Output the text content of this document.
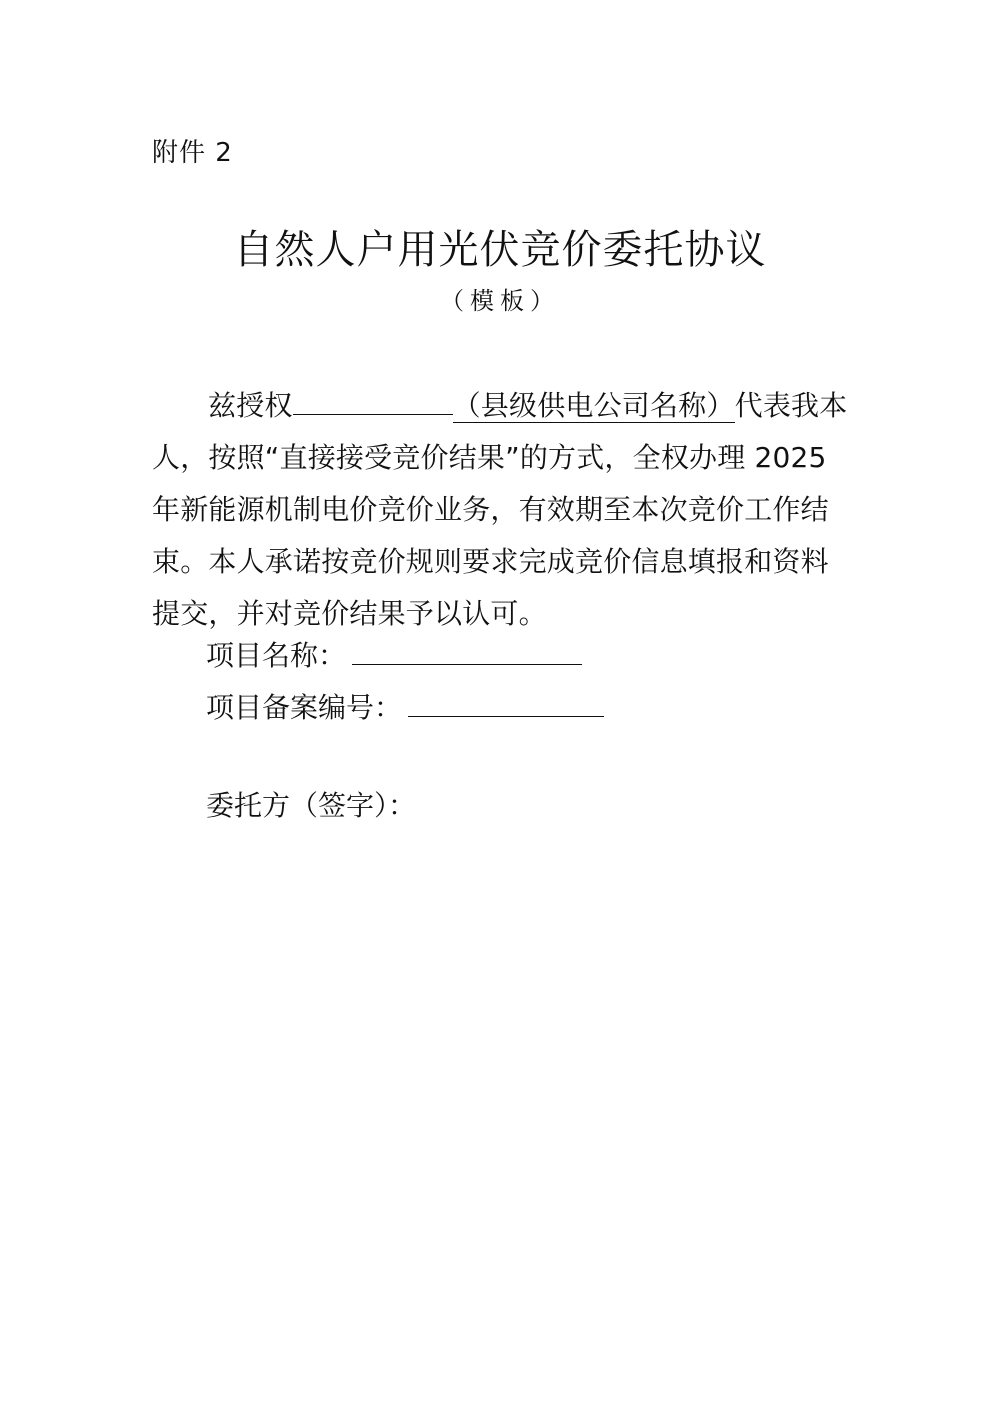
附件 2
自然人户用光伏竞价委托协议
（模板）

兹授权	（县级供电公司名称）代表我本人，按照“直接接受竞价结果”的方式，全权办理 2025 年新能源机制电价竞价业务，有效期至本次竞价工作结束。本人承诺按竞价规则要求完成竞价信息填报和资料提交，并对竞价结果予以认可。

项目名称：
项目备案编号：
委托方（签字）：
